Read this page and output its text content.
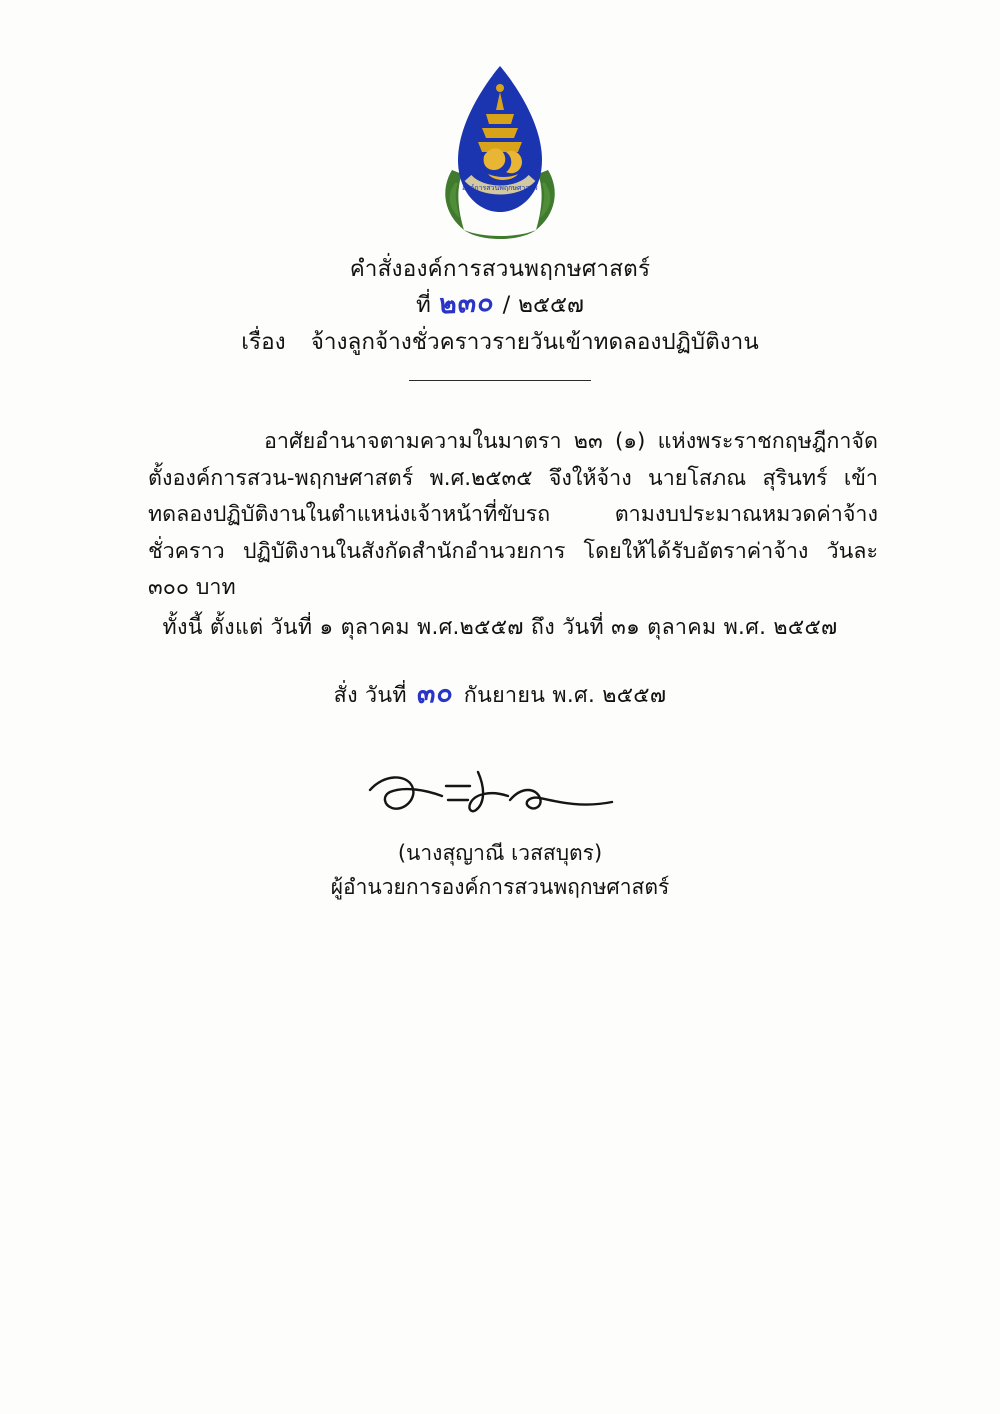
องค์การสวนพฤกษศาสตร์
คำสั่งองค์การสวนพฤกษศาสตร์
ที่ ๒๓๐ / ๒๕๕๗
เรื่อง จ้างลูกจ้างชั่วคราวรายวันเข้าทดลองปฏิบัติงาน

อาศัยอำนาจตามความในมาตรา ๒๓ (๑) แห่งพระราชกฤษฎีกาจัดตั้งองค์การสวน-พฤกษศาสตร์ พ.ศ.๒๕๓๕ จึงให้จ้าง นายโสภณ สุรินทร์ เข้าทดลองปฏิบัติงานในตำแหน่งเจ้าหน้าที่ขับรถ ตามงบประมาณหมวดค่าจ้างชั่วคราว ปฏิบัติงานในสังกัดสำนักอำนวยการ โดยให้ได้รับอัตราค่าจ้าง วันละ ๓๐๐ บาท

ทั้งนี้ ตั้งแต่ วันที่ ๑ ตุลาคม พ.ศ.๒๕๕๗ ถึง วันที่ ๓๑ ตุลาคม พ.ศ. ๒๕๕๗
สั่ง วันที่ ๓๐ กันยายน พ.ศ. ๒๕๕๗
(นางสุญาณี เวสสบุตร)
ผู้อำนวยการองค์การสวนพฤกษศาสตร์
